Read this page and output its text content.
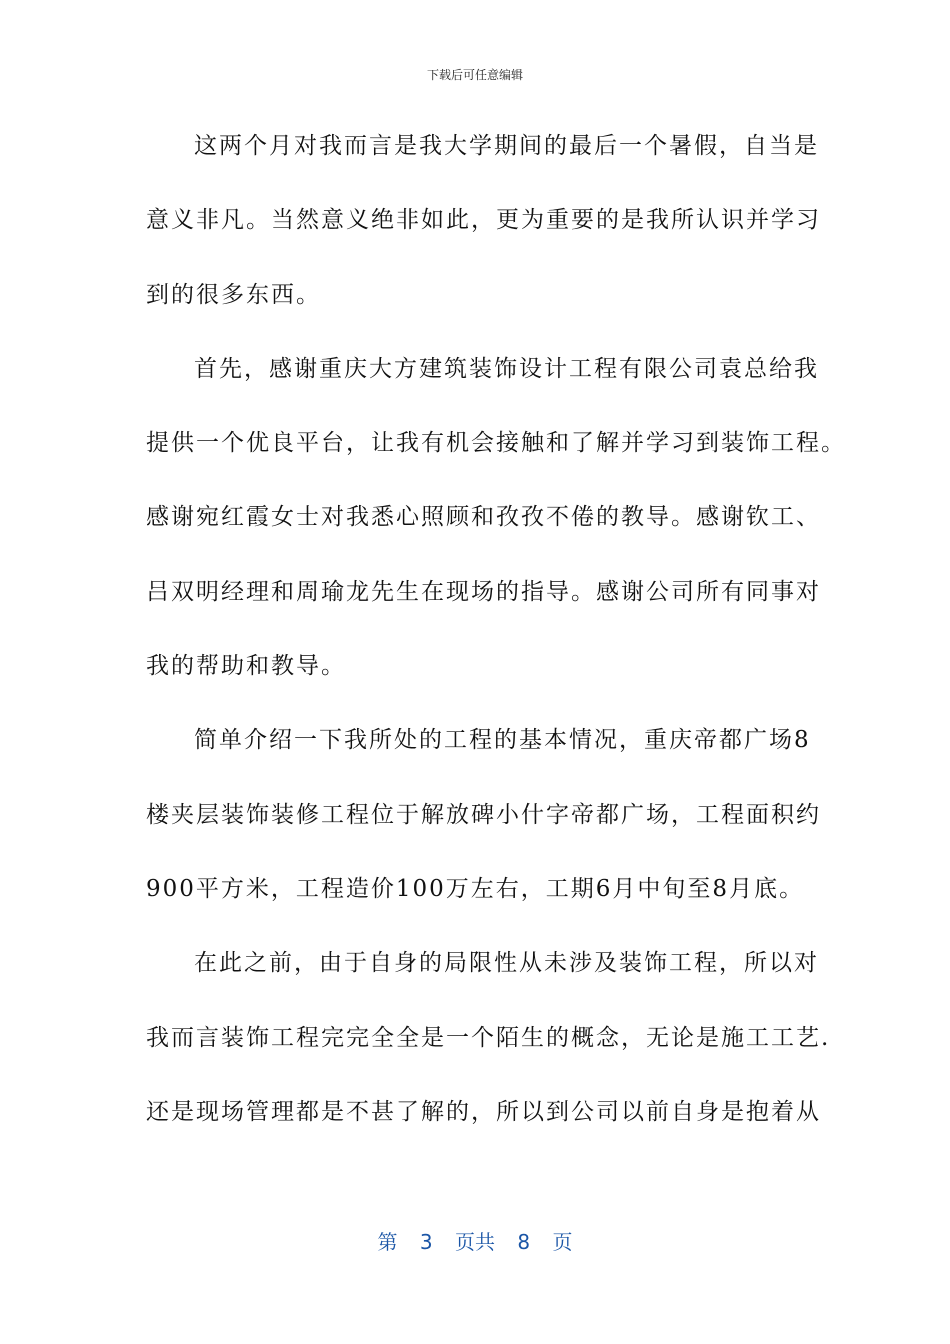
下载后可任意编辑
这两个月对我而言是我大学期间的最后一个暑假，自当是
意义非凡。当然意义绝非如此，更为重要的是我所认识并学习
到的很多东西。
首先，感谢重庆大方建筑装饰设计工程有限公司袁总给我
提供一个优良平台，让我有机会接触和了解并学习到装饰工程。
感谢宛红霞女士对我悉心照顾和孜孜不倦的教导。感谢钦工、
吕双明经理和周瑜龙先生在现场的指导。感谢公司所有同事对
我的帮助和教导。
简单介绍一下我所处的工程的基本情况，重庆帝都广场8
楼夹层装饰装修工程位于解放碑小什字帝都广场，工程面积约
900平方米，工程造价100万左右，工期6月中旬至8月底。
在此之前，由于自身的局限性从未涉及装饰工程，所以对
我而言装饰工程完完全全是一个陌生的概念，无论是施工工艺.
还是现场管理都是不甚了解的，所以到公司以前自身是抱着从
第 3 页共 8 页
